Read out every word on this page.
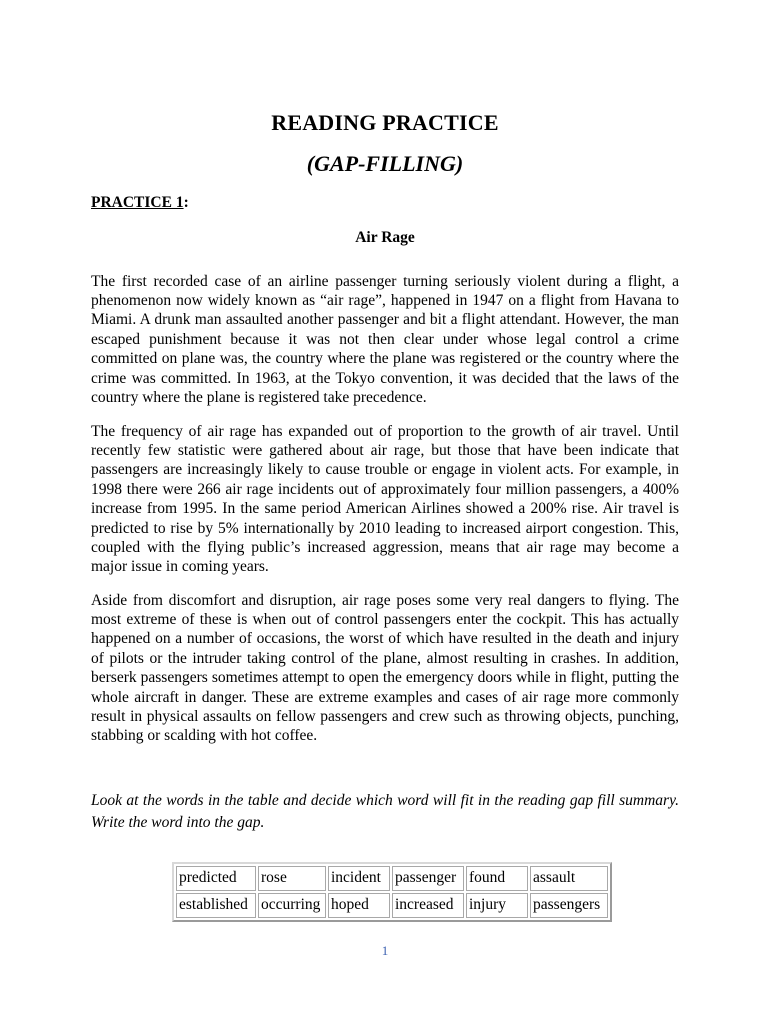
READING PRACTICE
(GAP-FILLING)
PRACTICE 1:
Air Rage

The first recorded case of an airline passenger turning seriously violent during a flight, a phenomenon now widely known as “air rage”, happened in 1947 on a flight from Havana to Miami. A drunk man assaulted another passenger and bit a flight attendant. However, the man escaped punishment because it was not then clear under whose legal control a crime committed on plane was, the country where the plane was registered or the country where the crime was committed. In 1963, at the Tokyo convention, it was decided that the laws of the country where the plane is registered take precedence.

The frequency of air rage has expanded out of proportion to the growth of air travel. Until recently few statistic were gathered about air rage, but those that have been indicate that passengers are increasingly likely to cause trouble or engage in violent acts. For example, in 1998 there were 266 air rage incidents out of approximately four million passengers, a 400% increase from 1995. In the same period American Airlines showed a 200% rise. Air travel is predicted to rise by 5% internationally by 2010 leading to increased airport congestion. This, coupled with the flying public’s increased aggression, means that air rage may become a major issue in coming years.

Aside from discomfort and disruption, air rage poses some very real dangers to flying. The most extreme of these is when out of control passengers enter the cockpit. This has actually happened on a number of occasions, the worst of which have resulted in the death and injury of pilots or the intruder taking control of the plane, almost resulting in crashes. In addition, berserk passengers sometimes attempt to open the emergency doors while in flight, putting the whole aircraft in danger. These are extreme examples and cases of air rage more commonly result in physical assaults on fellow passengers and crew such as throwing objects, punching, stabbing or scalding with hot coffee.

Look at the words in the table and decide which word will fit in the reading gap fill summary. Write the word into the gap.

predicted	rose	incident	passenger	found	assault
established	occurring	hoped	increased	injury	passengers
1
